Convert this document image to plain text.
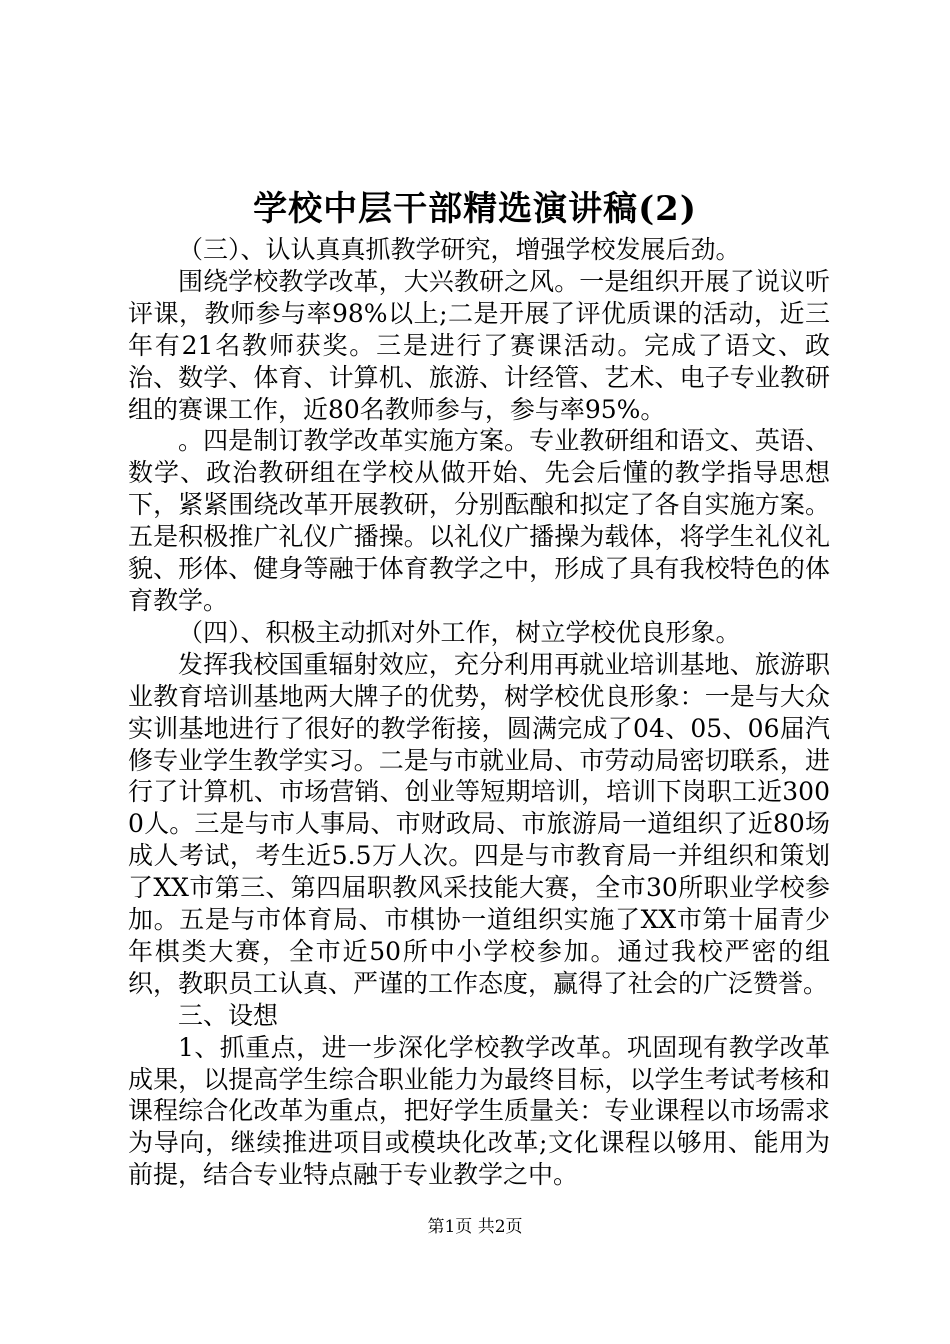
学校中层干部精选演讲稿(2)

（三）、认认真真抓教学研究，增强学校发展后劲。

围绕学校教学改革，大兴教研之风。一是组织开展了说议听评课，教师参与率98%以上;二是开展了评优质课的活动，近三年有21名教师获奖。三是进行了赛课活动。完成了语文、政治、数学、体育、计算机、旅游、计经管、艺术、电子专业教研组的赛课工作，近80名教师参与，参与率95%。

。四是制订教学改革实施方案。专业教研组和语文、英语、数学、政治教研组在学校从做开始、先会后懂的教学指导思想下，紧紧围绕改革开展教研，分别酝酿和拟定了各自实施方案。五是积极推广礼仪广播操。以礼仪广播操为载体，将学生礼仪礼貌、形体、健身等融于体育教学之中，形成了具有我校特色的体育教学。

（四）、积极主动抓对外工作，树立学校优良形象。

发挥我校国重辐射效应，充分利用再就业培训基地、旅游职业教育培训基地两大牌子的优势，树学校优良形象：一是与大众实训基地进行了很好的教学衔接，圆满完成了04、05、06届汽修专业学生教学实习。二是与市就业局、市劳动局密切联系，进行了计算机、市场营销、创业等短期培训，培训下岗职工近3000人。三是与市人事局、市财政局、市旅游局一道组织了近80场成人考试，考生近5.5万人次。四是与市教育局一并组织和策划了XX市第三、第四届职教风采技能大赛，全市30所职业学校参加。五是与市体育局、市棋协一道组织实施了XX市第十届青少年棋类大赛，全市近50所中小学校参加。通过我校严密的组织，教职员工认真、严谨的工作态度，赢得了社会的广泛赞誉。

三、设想

1、抓重点，进一步深化学校教学改革。巩固现有教学改革成果，以提高学生综合职业能力为最终目标，以学生考试考核和课程综合化改革为重点，把好学生质量关：专业课程以市场需求为导向，继续推进项目或模块化改革;文化课程以够用、能用为前提，结合专业特点融于专业教学之中。

第1页 共2页
